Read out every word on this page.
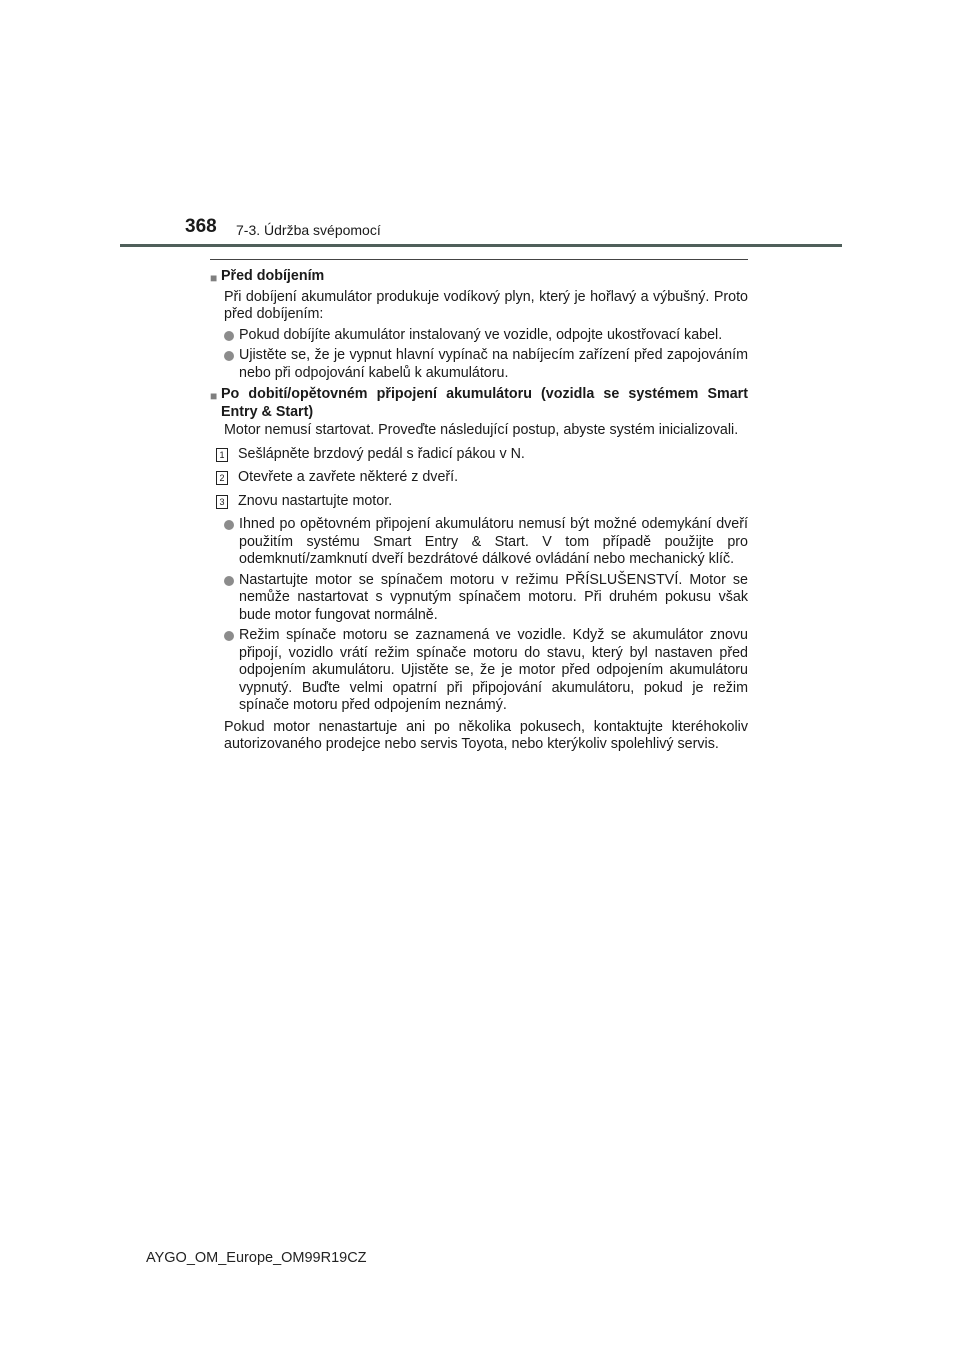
368 7-3. Údržba svépomocí
■ Před dobíjením
Při dobíjení akumulátor produkuje vodíkový plyn, který je hořlavý a výbušný. Proto před dobíjením:
Pokud dobíjíte akumulátor instalovaný ve vozidle, odpojte ukostřovací kabel.
Ujistěte se, že je vypnut hlavní vypínač na nabíjecím zařízení před zapojováním nebo při odpojování kabelů k akumulátoru.
■ Po dobití/opětovném připojení akumulátoru (vozidla se systémem Smart Entry & Start)
Motor nemusí startovat. Proveďte následující postup, abyste systém inicializovali.
1 Sešlápněte brzdový pedál s řadicí pákou v N.
2 Otevřete a zavřete některé z dveří.
3 Znovu nastartujte motor.
Ihned po opětovném připojení akumulátoru nemusí být možné odemykání dveří použitím systému Smart Entry & Start. V tom případě použijte pro odemknutí/zamknutí dveří bezdrátové dálkové ovládání nebo mechanický klíč.
Nastartujte motor se spínačem motoru v režimu PŘÍSLUŠENSTVÍ. Motor se nemůže nastartovat s vypnutým spínačem motoru. Při druhém pokusu však bude motor fungovat normálně.
Režim spínače motoru se zaznamená ve vozidle. Když se akumulátor znovu připojí, vozidlo vrátí režim spínače motoru do stavu, který byl nastaven před odpojením akumulátoru. Ujistěte se, že je motor před odpojením akumulátoru vypnutý. Buďte velmi opatrní při připojování akumulátoru, pokud je režim spínače motoru před odpojením neznámý.
Pokud motor nenastartuje ani po několika pokusech, kontaktujte kteréhokoliv autorizovaného prodejce nebo servis Toyota, nebo kterýkoliv spolehlivý servis.
AYGO_OM_Europe_OM99R19CZ
